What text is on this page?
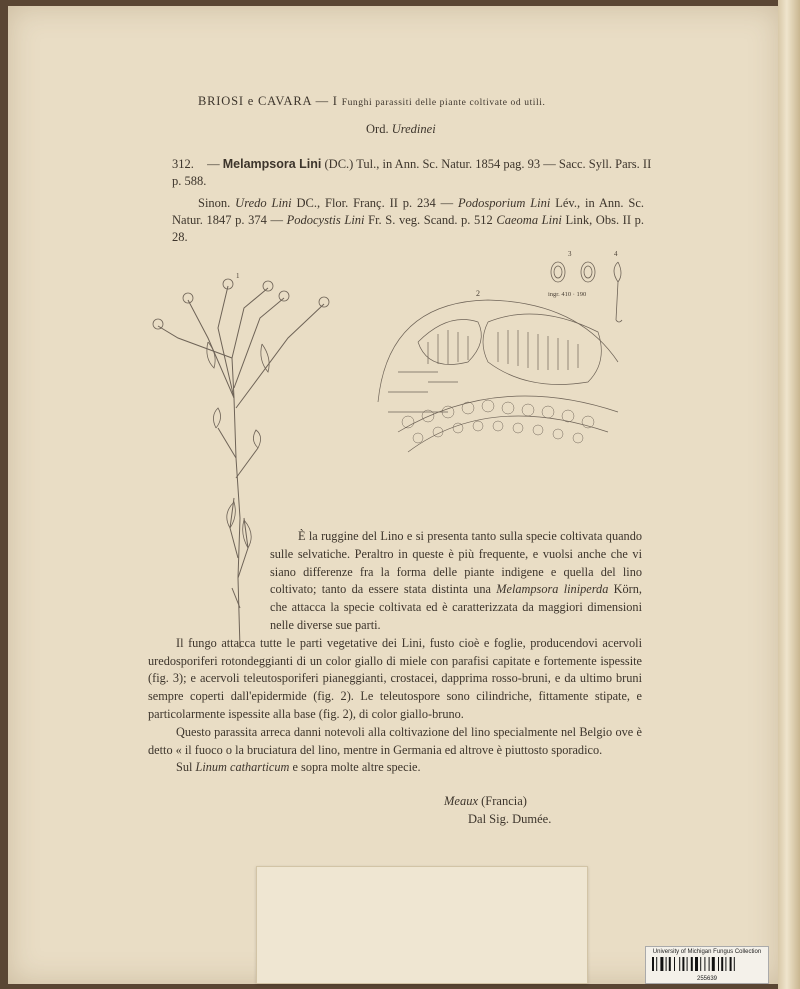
BRIOSI e CAVARA — I Funghi parassiti delle piante coltivate od utili.
Ord. Uredinei
312. — Melampsora Lini (DC.) Tul., in Ann. Sc. Natur. 1854 pag. 93 — Sacc. Syll. Pars. II p. 588.
Sinon. Uredo Lini DC., Flor. Franç. II p. 234 — Podosporium Lini Lév., in Ann. Sc. Natur. 1847 p. 374 — Podocystis Lini Fr. S. veg. Scand. p. 512 Caeoma Lini Link, Obs. II p. 28.
1
2
3	4
ingr. 410 · 190

È la ruggine del Lino e si presenta tanto sulla specie coltivata quando sulle selvatiche. Peraltro in queste è più frequente, e vuolsi anche che vi siano differenze fra la forma delle piante indigene e quella del lino coltivato; tanto da essere stata distinta una Melampsora liniperda Körn, che attacca la specie coltivata ed è caratterizzata da maggiori dimensioni nelle diverse sue parti.

Il fungo attacca tutte le parti vegetative dei Lini, fusto cioè e foglie, producendovi acervoli uredosporiferi rotondeggianti di un color giallo di miele con parafisi capitate e fortemente ispessite (fig. 3); e acervoli teleutosporiferi pianeggianti, crostacei, dapprima rosso-bruni, e da ultimo bruni sempre coperti dall'epidermide (fig. 2). Le teleutospore sono cilindriche, fittamente stipate, e particolarmente ispessite alla base (fig. 2), di color giallo-bruno.

Questo parassita arreca danni notevoli alla coltivazione del lino specialmente nel Belgio ove è detto « il fuoco o la bruciatura del lino, mentre in Germania ed altrove è piuttosto sporadico.

Sul Linum catharticum e sopra molte altre specie.

Meaux (Francia)
Dal Sig. Dumée.
University of Michigan Fungus Collection
255639
